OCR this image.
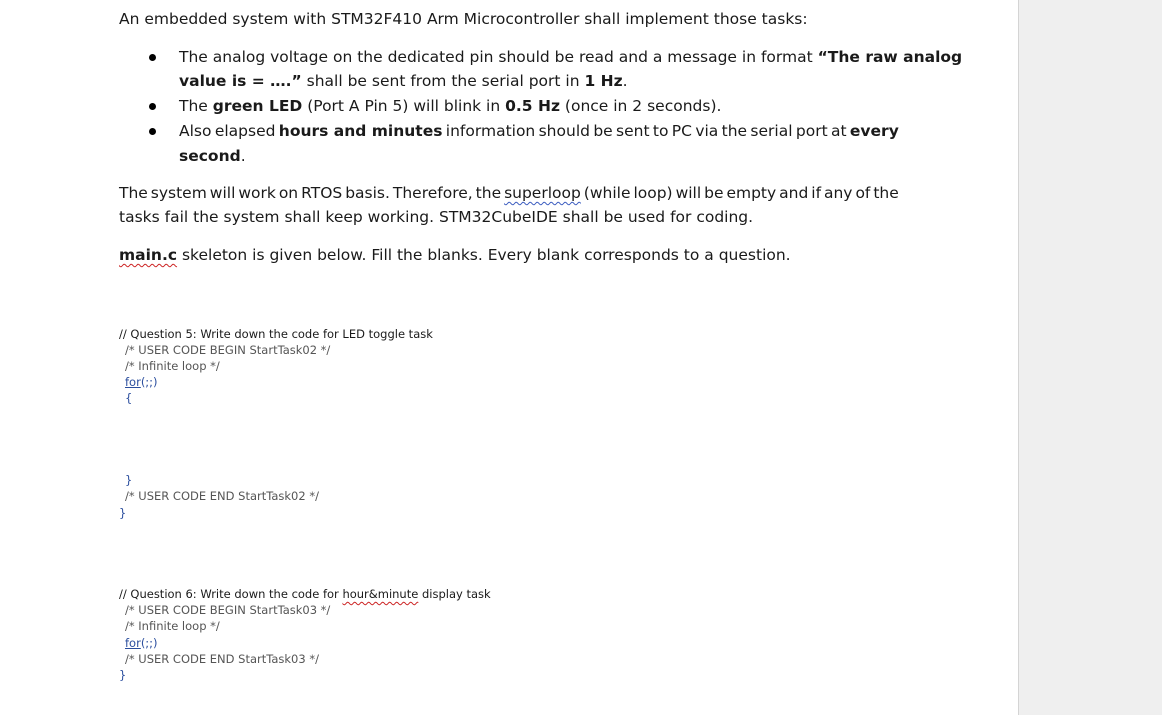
An embedded system with STM32F410 Arm Microcontroller shall implement those tasks:
The analog voltage on the dedicated pin should be read and a message in format “The raw analog
value is = ….” shall be sent from the serial port in 1 Hz.
The green LED (Port A Pin 5) will blink in 0.5 Hz (once in 2 seconds).
Also elapsed hours and minutes information should be sent to PC via the serial port at every
second.
The system will work on RTOS basis. Therefore, the superloop (while loop) will be empty and if any of the
tasks fail the system shall keep working. STM32CubeIDE shall be used for coding.
main.c skeleton is given below. Fill the blanks. Every blank corresponds to a question.
// Question 5: Write down the code for LED toggle task
/* USER CODE BEGIN StartTask02 */
/* Infinite loop */
for(;;)
{
}
/* USER CODE END StartTask02 */
}
// Question 6: Write down the code for hour&minute display task
/* USER CODE BEGIN StartTask03 */
/* Infinite loop */
for(;;)
/* USER CODE END StartTask03 */
}
